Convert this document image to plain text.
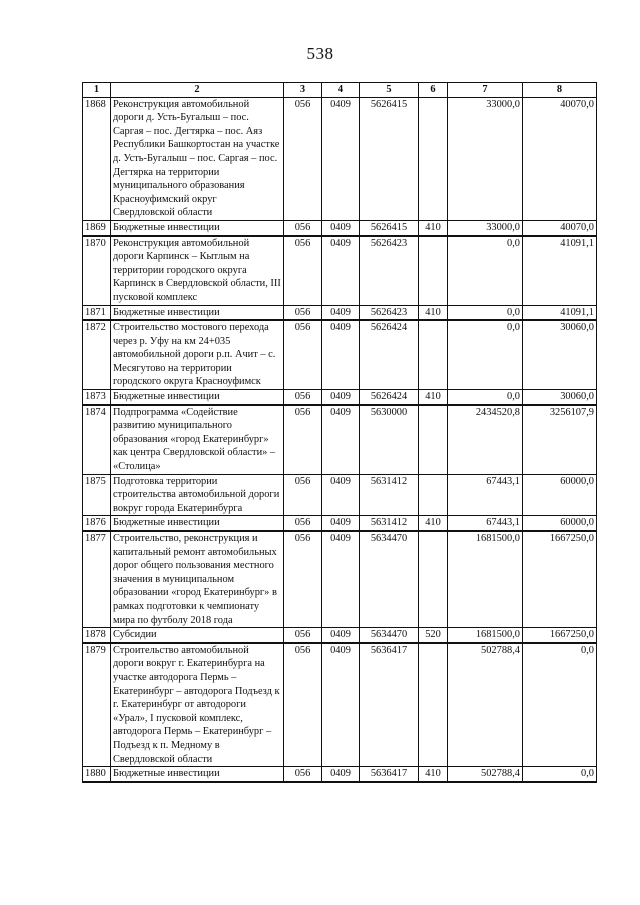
538
1	2	3	4	5	6	7	8
1868	Реконструкция автомобильной дороги д. Усть-Бугалыш – пос. Саргая – пос. Дегтярка – пос. Аяз Республики Башкортостан на участке д. Усть-Бугалыш – пос. Саргая – пос. Дегтярка на территории муниципального образования Красноуфимский округ Свердловской области	056	0409	5626415		33000,0	40070,0
1869	Бюджетные инвестиции	056	0409	5626415	410	33000,0	40070,0
1870	Реконструкция автомобильной дороги Карпинск – Кытлым на территории городского округа Карпинск в Свердловской области, III пусковой комплекс	056	0409	5626423		0,0	41091,1
1871	Бюджетные инвестиции	056	0409	5626423	410	0,0	41091,1
1872	Строительство мостового перехода через р. Уфу на км 24+035 автомобильной дороги р.п. Ачит – с. Месягутово на территории городского округа Красноуфимск	056	0409	5626424		0,0	30060,0
1873	Бюджетные инвестиции	056	0409	5626424	410	0,0	30060,0
1874	Подпрограмма «Содействие развитию муниципального образования «город Екатеринбург» как центра Свердловской области» – «Столица»	056	0409	5630000		2434520,8	3256107,9
1875	Подготовка территории строительства автомобильной дороги вокруг города Екатеринбурга	056	0409	5631412		67443,1	60000,0
1876	Бюджетные инвестиции	056	0409	5631412	410	67443,1	60000,0
1877	Строительство, реконструкция и капитальный ремонт автомобильных дорог общего пользования местного значения в муниципальном образовании «город Екатеринбург» в рамках подготовки к чемпионату мира по футболу 2018 года	056	0409	5634470		1681500,0	1667250,0
1878	Субсидии	056	0409	5634470	520	1681500,0	1667250,0
1879	Строительство автомобильной дороги вокруг г. Екатеринбурга на участке автодорога Пермь – Екатеринбург – автодорога Подъезд к г. Екатеринбург от автодороги «Урал», I пусковой комплекс, автодорога Пермь – Екатеринбург – Подъезд к п. Медному в Свердловской области	056	0409	5636417		502788,4	0,0
1880	Бюджетные инвестиции	056	0409	5636417	410	502788,4	0,0
